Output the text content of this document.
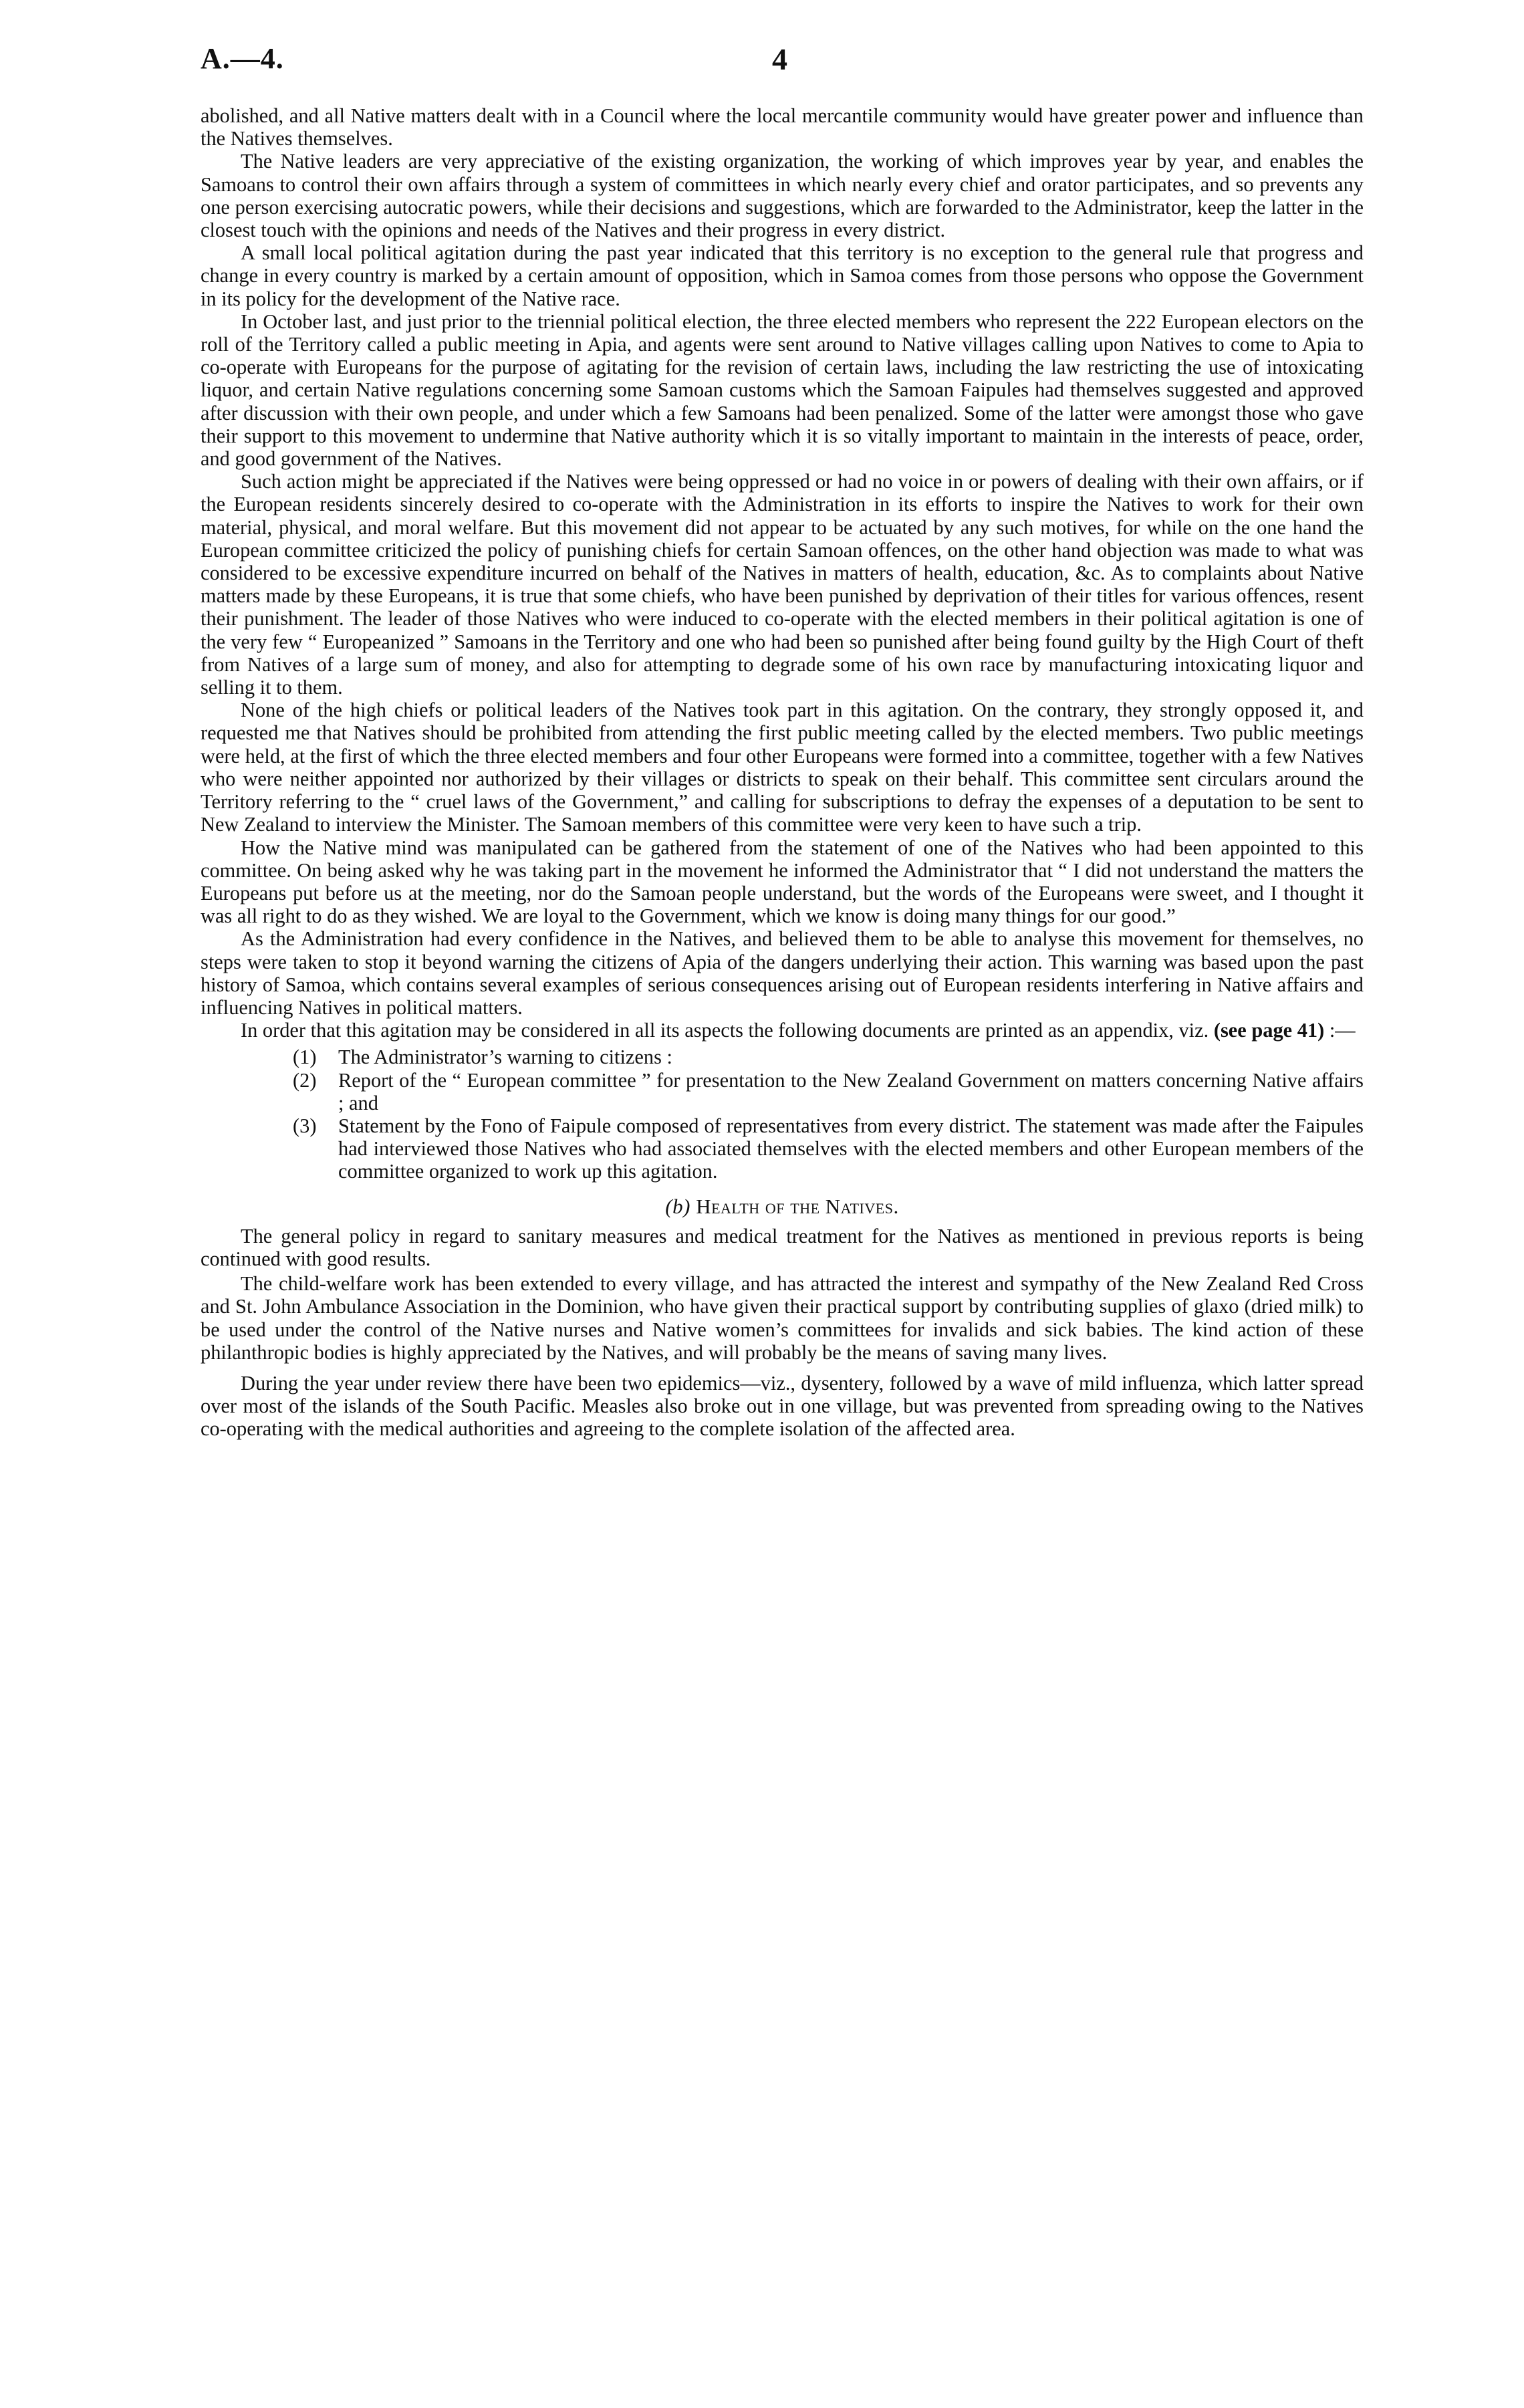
A.—4.	4

abolished, and all Native matters dealt with in a Council where the local mercantile community would have greater power and influence than the Natives themselves.

The Native leaders are very appreciative of the existing organization, the working of which improves year by year, and enables the Samoans to control their own affairs through a system of committees in which nearly every chief and orator participates, and so prevents any one person exercising autocratic powers, while their decisions and suggestions, which are forwarded to the Administrator, keep the latter in the closest touch with the opinions and needs of the Natives and their progress in every district.

A small local political agitation during the past year indicated that this territory is no exception to the general rule that progress and change in every country is marked by a certain amount of opposition, which in Samoa comes from those persons who oppose the Government in its policy for the development of the Native race.

In October last, and just prior to the triennial political election, the three elected members who represent the 222 European electors on the roll of the Territory called a public meeting in Apia, and agents were sent around to Native villages calling upon Natives to come to Apia to co-operate with Europeans for the purpose of agitating for the revision of certain laws, including the law restricting the use of intoxicating liquor, and certain Native regulations concerning some Samoan customs which the Samoan Faipules had themselves suggested and approved after discussion with their own people, and under which a few Samoans had been penalized. Some of the latter were amongst those who gave their support to this movement to undermine that Native authority which it is so vitally important to maintain in the interests of peace, order, and good government of the Natives.

Such action might be appreciated if the Natives were being oppressed or had no voice in or powers of dealing with their own affairs, or if the European residents sincerely desired to co-operate with the Administration in its efforts to inspire the Natives to work for their own material, physical, and moral welfare. But this movement did not appear to be actuated by any such motives, for while on the one hand the European committee criticized the policy of punishing chiefs for certain Samoan offences, on the other hand objection was made to what was considered to be excessive expenditure incurred on behalf of the Natives in matters of health, education, &c. As to complaints about Native matters made by these Europeans, it is true that some chiefs, who have been punished by deprivation of their titles for various offences, resent their punishment. The leader of those Natives who were induced to co-operate with the elected members in their political agitation is one of the very few “ Europeanized ” Samoans in the Territory and one who had been so punished after being found guilty by the High Court of theft from Natives of a large sum of money, and also for attempting to degrade some of his own race by manufacturing intoxicating liquor and selling it to them.

None of the high chiefs or political leaders of the Natives took part in this agitation. On the contrary, they strongly opposed it, and requested me that Natives should be prohibited from attending the first public meeting called by the elected members. Two public meetings were held, at the first of which the three elected members and four other Europeans were formed into a committee, together with a few Natives who were neither appointed nor authorized by their villages or districts to speak on their behalf. This committee sent circulars around the Territory referring to the “ cruel laws of the Government,” and calling for subscriptions to defray the expenses of a deputation to be sent to New Zealand to interview the Minister. The Samoan members of this committee were very keen to have such a trip.

How the Native mind was manipulated can be gathered from the statement of one of the Natives who had been appointed to this committee. On being asked why he was taking part in the movement he informed the Administrator that “ I did not understand the matters the Europeans put before us at the meeting, nor do the Samoan people understand, but the words of the Europeans were sweet, and I thought it was all right to do as they wished. We are loyal to the Government, which we know is doing many things for our good.”

As the Administration had every confidence in the Natives, and believed them to be able to analyse this movement for themselves, no steps were taken to stop it beyond warning the citizens of Apia of the dangers underlying their action. This warning was based upon the past history of Samoa, which contains several examples of serious consequences arising out of European residents interfering in Native affairs and influencing Natives in political matters.

In order that this agitation may be considered in all its aspects the following documents are printed as an appendix, viz. (see page 41) :—

(1)	The Administrator’s warning to citizens :
(2)	Report of the “ European committee ” for presentation to the New Zealand Government on matters concerning Native affairs ; and
(3)	Statement by the Fono of Faipule composed of representatives from every district. The statement was made after the Faipules had interviewed those Natives who had associated themselves with the elected members and other European members of the committee organized to work up this agitation.
(b) Health of the Natives.

The general policy in regard to sanitary measures and medical treatment for the Natives as mentioned in previous reports is being continued with good results.

The child-welfare work has been extended to every village, and has attracted the interest and sympathy of the New Zealand Red Cross and St. John Ambulance Association in the Dominion, who have given their practical support by contributing supplies of glaxo (dried milk) to be used under the control of the Native nurses and Native women’s committees for invalids and sick babies. The kind action of these philanthropic bodies is highly appreciated by the Natives, and will probably be the means of saving many lives.

During the year under review there have been two epidemics—viz., dysentery, followed by a wave of mild influenza, which latter spread over most of the islands of the South Pacific. Measles also broke out in one village, but was prevented from spreading owing to the Natives co-operating with the medical authorities and agreeing to the complete isolation of the affected area.
